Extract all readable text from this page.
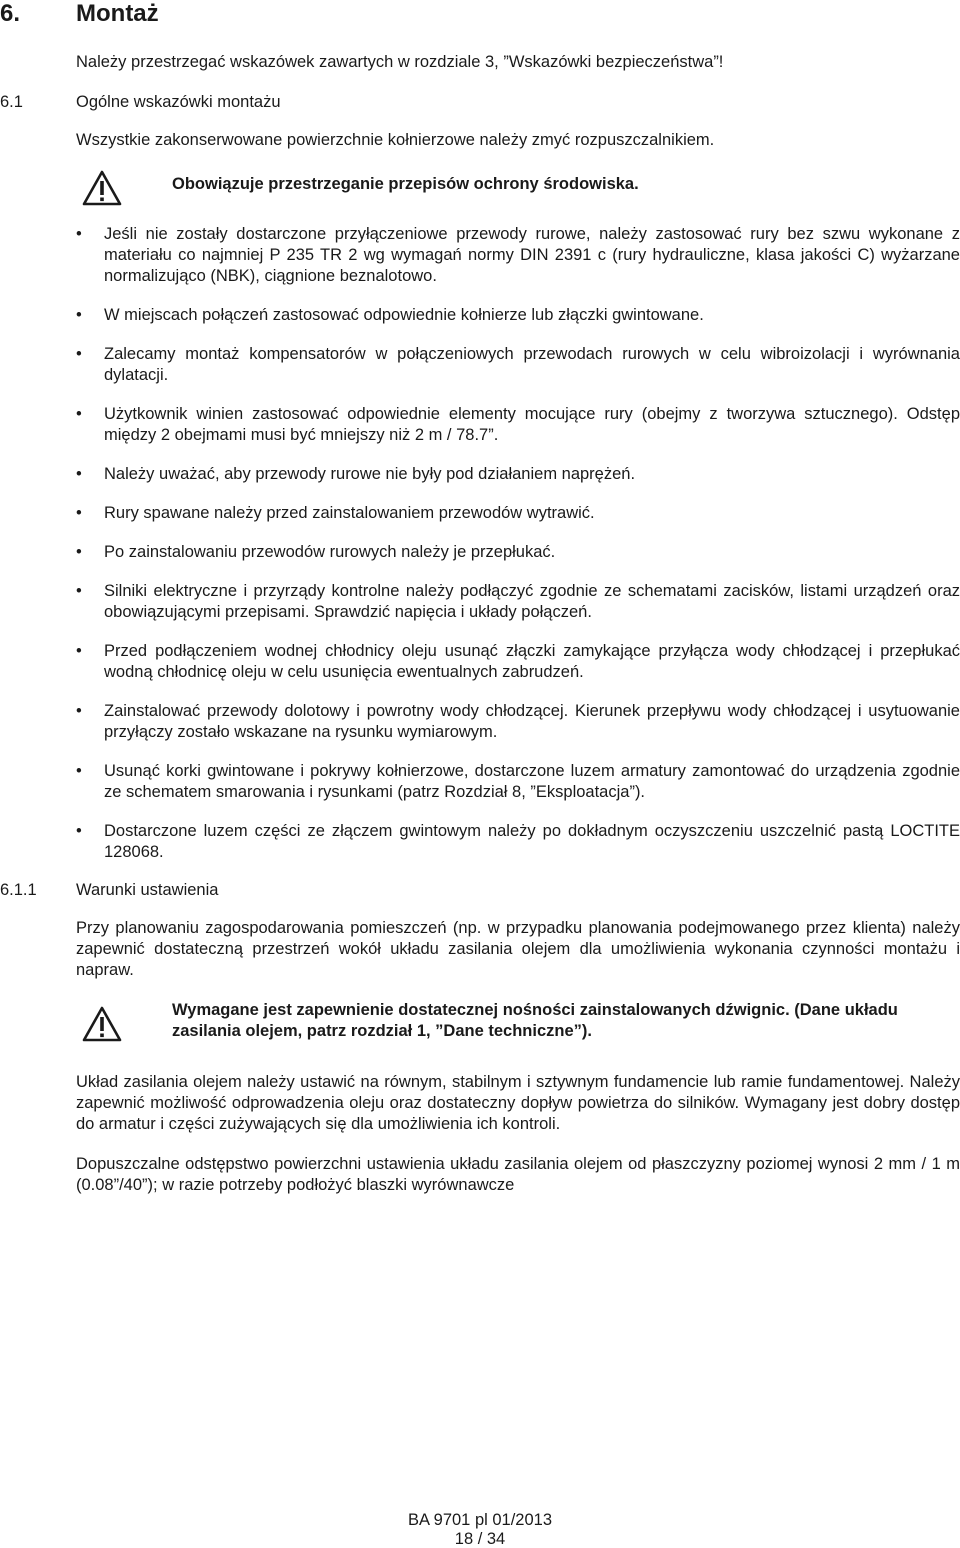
6. Montaż
Należy przestrzegać wskazówek zawartych w rozdziale 3, ”Wskazówki bezpieczeństwa”!
6.1	Ogólne wskazówki montażu
Wszystkie zakonserwowane powierzchnie kołnierzowe należy zmyć rozpuszczalnikiem.
Obowiązuje przestrzeganie przepisów ochrony środowiska.
• Jeśli nie zostały dostarczone przyłączeniowe przewody rurowe, należy zastosować rury bez szwu wykonane z materiału co najmniej P 235 TR 2 wg wymagań normy DIN 2391 c (rury hydrauliczne, klasa jakości C) wyżarzane normalizująco (NBK), ciągnione beznalotowo.
• W miejscach połączeń zastosować odpowiednie kołnierze lub złączki gwintowane.
• Zalecamy montaż kompensatorów w połączeniowych przewodach rurowych w celu wibroizolacji i wyrównania dylatacji.
• Użytkownik winien zastosować odpowiednie elementy mocujące rury (obejmy z tworzywa sztucznego). Odstęp między 2 obejmami musi być mniejszy niż 2 m / 78.7”.
• Należy uważać, aby przewody rurowe nie były pod działaniem naprężeń.
• Rury spawane należy przed zainstalowaniem przewodów wytrawić.
• Po zainstalowaniu przewodów rurowych należy je przepłukać.
• Silniki elektryczne i przyrządy kontrolne należy podłączyć zgodnie ze schematami zacisków, listami urządzeń oraz obowiązującymi przepisami. Sprawdzić napięcia i układy połączeń.
• Przed podłączeniem wodnej chłodnicy oleju usunąć złączki zamykające przyłącza wody chłodzącej i przepłukać wodną chłodnicę oleju w celu usunięcia ewentualnych zabrudzeń.
• Zainstalować przewody dolotowy i powrotny wody chłodzącej. Kierunek przepływu wody chłodzącej i usytuowanie przyłączy zostało wskazane na rysunku wymiarowym.
• Usunąć korki gwintowane i pokrywy kołnierzowe, dostarczone luzem armatury zamontować do urządzenia zgodnie ze schematem smarowania i rysunkami (patrz Rozdział 8, ”Eksploatacja”).
• Dostarczone luzem części ze złączem gwintowym należy po dokładnym oczyszczeniu uszczelnić pastą LOCTITE 128068.
6.1.1 Warunki ustawienia
Przy planowaniu zagospodarowania pomieszczeń (np. w przypadku planowania podejmowanego przez klienta) należy zapewnić dostateczną przestrzeń wokół układu zasilania olejem dla umożliwienia wykonania czynności montażu i napraw.
Wymagane jest zapewnienie dostatecznej nośności zainstalowanych dźwignic. (Dane układu zasilania olejem, patrz rozdział 1, ”Dane techniczne”).
Układ zasilania olejem należy ustawić na równym, stabilnym i sztywnym fundamencie lub ramie fundamentowej. Należy zapewnić możliwość odprowadzenia oleju oraz dostateczny dopływ powietrza do silników. Wymagany jest dobry dostęp do armatur i części zużywających się dla umożliwienia ich kontroli.
Dopuszczalne odstępstwo powierzchni ustawienia układu zasilania olejem od płaszczyzny poziomej wynosi 2 mm / 1 m (0.08”/40”); w razie potrzeby podłożyć blaszki wyrównawcze
BA 9701 pl 01/2013
18 / 34
